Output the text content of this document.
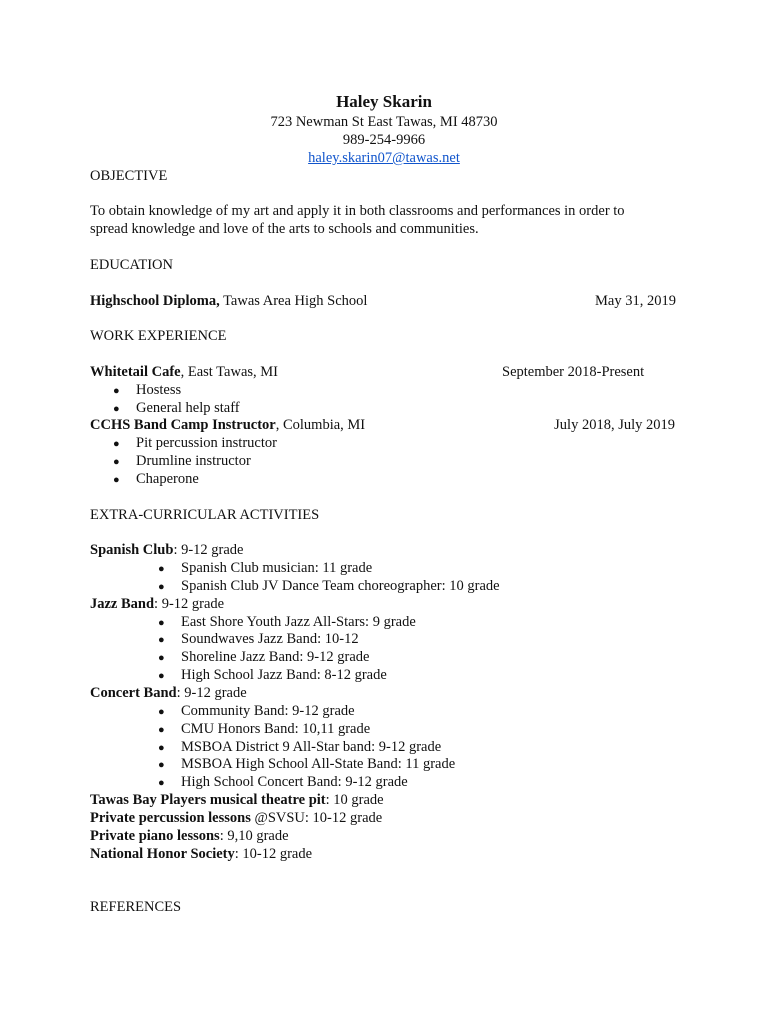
Haley Skarin
723 Newman St East Tawas, MI 48730
989-254-9966
haley.skarin07@tawas.net
OBJECTIVE
To obtain knowledge of my art and apply it in both classrooms and performances in order to
spread knowledge and love of the arts to schools and communities.
EDUCATION
Highschool Diploma, Tawas Area High School	May 31, 2019
WORK EXPERIENCE
Whitetail Cafe, East Tawas, MI	September 2018-Present
● Hostess
● General help staff
CCHS Band Camp Instructor, Columbia, MI	July 2018, July 2019
● Pit percussion instructor
● Drumline instructor
● Chaperone
EXTRA-CURRICULAR ACTIVITIES
Spanish Club: 9-12 grade
● Spanish Club musician: 11 grade
● Spanish Club JV Dance Team choreographer: 10 grade
Jazz Band: 9-12 grade
● East Shore Youth Jazz All-Stars: 9 grade
● Soundwaves Jazz Band: 10-12
● Shoreline Jazz Band: 9-12 grade
● High School Jazz Band: 8-12 grade
Concert Band: 9-12 grade
● Community Band: 9-12 grade
● CMU Honors Band: 10,11 grade
● MSBOA District 9 All-Star band: 9-12 grade
● MSBOA High School All-State Band: 11 grade
● High School Concert Band: 9-12 grade
Tawas Bay Players musical theatre pit: 10 grade
Private percussion lessons @SVSU: 10-12 grade
Private piano lessons: 9,10 grade
National Honor Society: 10-12 grade
REFERENCES
